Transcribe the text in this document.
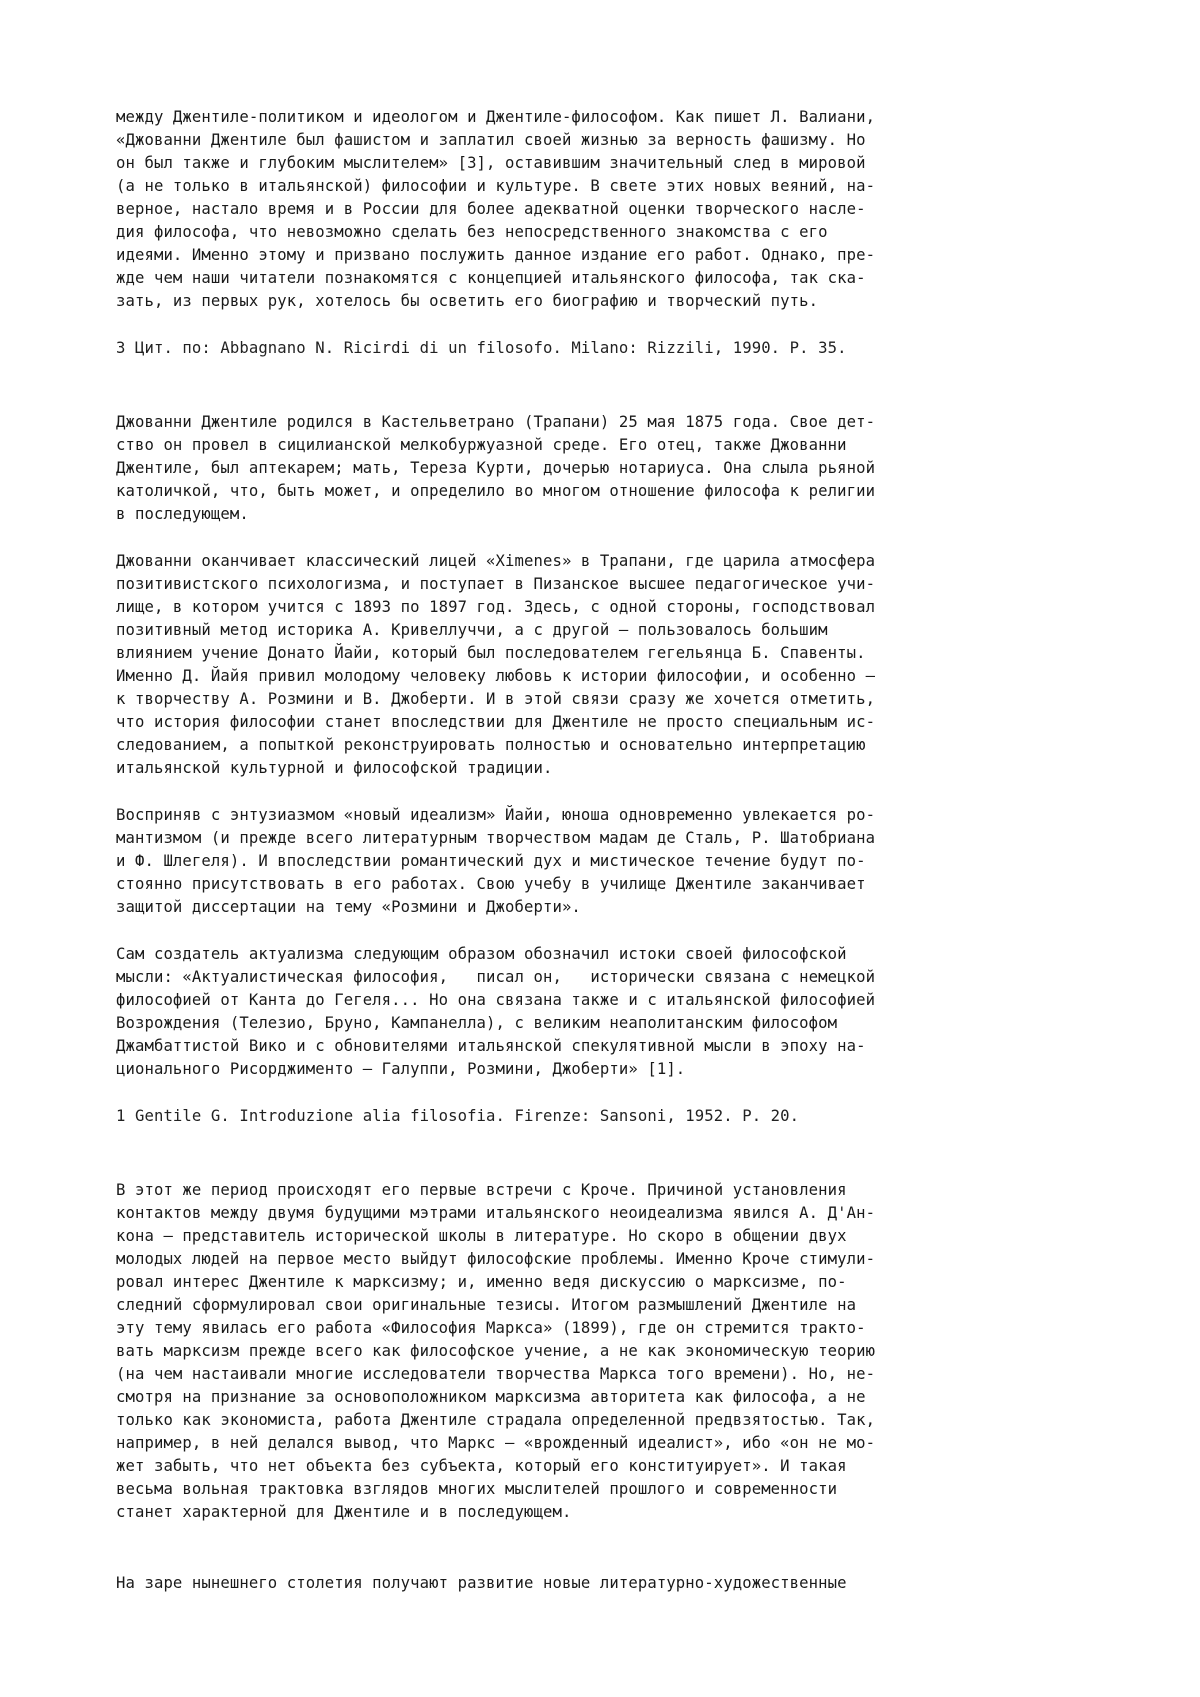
между Джентиле-политиком и идеологом и Джентиле-философом. Как пишет Л. Валиани,
«Джованни Джентиле был фашистом и заплатил своей жизнью за верность фашизму. Но
он был также и глубоким мыслителем» [3], оставившим значительный след в мировой
(а не только в итальянской) философии и культуре. В свете этих новых веяний, на-
верное, настало время и в России для более адекватной оценки творческого насле-
дия философа, что невозможно сделать без непосредственного знакомства с его
идеями. Именно этому и призвано послужить данное издание его работ. Однако, пре-
жде чем наши читатели познакомятся с концепцией итальянского философа, так ска-
зать, из первых рук, хотелось бы осветить его биографию и творческий путь.
3 Цит. по: Abbagnano N. Ricirdi di un filosofo. Milano: Rizzili, 1990. P. 35.
Джованни Джентиле родился в Кастельветрано (Трапани) 25 мая 1875 года. Свое дет-
ство он провел в сицилианской мелкобуржуазной среде. Его отец, также Джованни
Джентиле, был аптекарем; мать, Тереза Курти, дочерью нотариуса. Она слыла рьяной
католичкой, что, быть может, и определило во многом отношение философа к религии
в последующем.
Джованни оканчивает классический лицей «Ximenes» в Трапани, где царила атмосфера
позитивистского психологизма, и поступает в Пизанское высшее педагогическое учи-
лище, в котором учится с 1893 по 1897 год. Здесь, с одной стороны, господствовал
позитивный метод историка А. Кривеллуччи, а с другой — пользовалось большим
влиянием учение Донато Йайи, который был последователем гегельянца Б. Спавенты.
Именно Д. Йайя привил молодому человеку любовь к истории философии, и особенно —
к творчеству А. Розмини и В. Джоберти. И в этой связи сразу же хочется отметить,
что история философии станет впоследствии для Джентиле не просто специальным ис-
следованием, а попыткой реконструировать полностью и основательно интерпретацию
итальянской культурной и философской традиции.
Восприняв с энтузиазмом «новый идеализм» Йайи, юноша одновременно увлекается ро-
мантизмом (и прежде всего литературным творчеством мадам де Сталь, Р. Шатобриана
и Ф. Шлегеля). И впоследствии романтический дух и мистическое течение будут по-
стоянно присутствовать в его работах. Свою учебу в училище Джентиле заканчивает
защитой диссертации на тему «Розмини и Джоберти».
Сам создатель актуализма следующим образом обозначил истоки своей философской
мысли: «Актуалистическая философия,   писал он,   исторически связана с немецкой
философией от Канта до Гегеля... Но она связана также и с итальянской философией
Возрождения (Телезио, Бруно, Кампанелла), с великим неаполитанским философом
Джамбаттистой Вико и с обновителями итальянской спекулятивной мысли в эпоху на-
ционального Рисорджименто — Галуппи, Розмини, Джоберти» [1].
1 Gentile G. Introduzione alia filosofia. Firenze: Sansoni, 1952. P. 20.
В этот же период происходят его первые встречи с Кроче. Причиной установления
контактов между двумя будущими мэтрами итальянского неоидеализма явился А. Д'Ан-
кона — представитель исторической школы в литературе. Но скоро в общении двух
молодых людей на первое место выйдут философские проблемы. Именно Кроче стимули-
ровал интерес Джентиле к марксизму; и, именно ведя дискуссию о марксизме, по-
следний сформулировал свои оригинальные тезисы. Итогом размышлений Джентиле на
эту тему явилась его работа «Философия Маркса» (1899), где он стремится тракто-
вать марксизм прежде всего как философское учение, а не как экономическую теорию
(на чем настаивали многие исследователи творчества Маркса того времени). Но, не-
смотря на признание за основоположником марксизма авторитета как философа, а не
только как экономиста, работа Джентиле страдала определенной предвзятостью. Так,
например, в ней делался вывод, что Маркс — «врожденный идеалист», ибо «он не мо-
жет забыть, что нет объекта без субъекта, который его конституирует». И такая
весьма вольная трактовка взглядов многих мыслителей прошлого и современности
станет характерной для Джентиле и в последующем.
На заре нынешнего столетия получают развитие новые литературно-художественные
